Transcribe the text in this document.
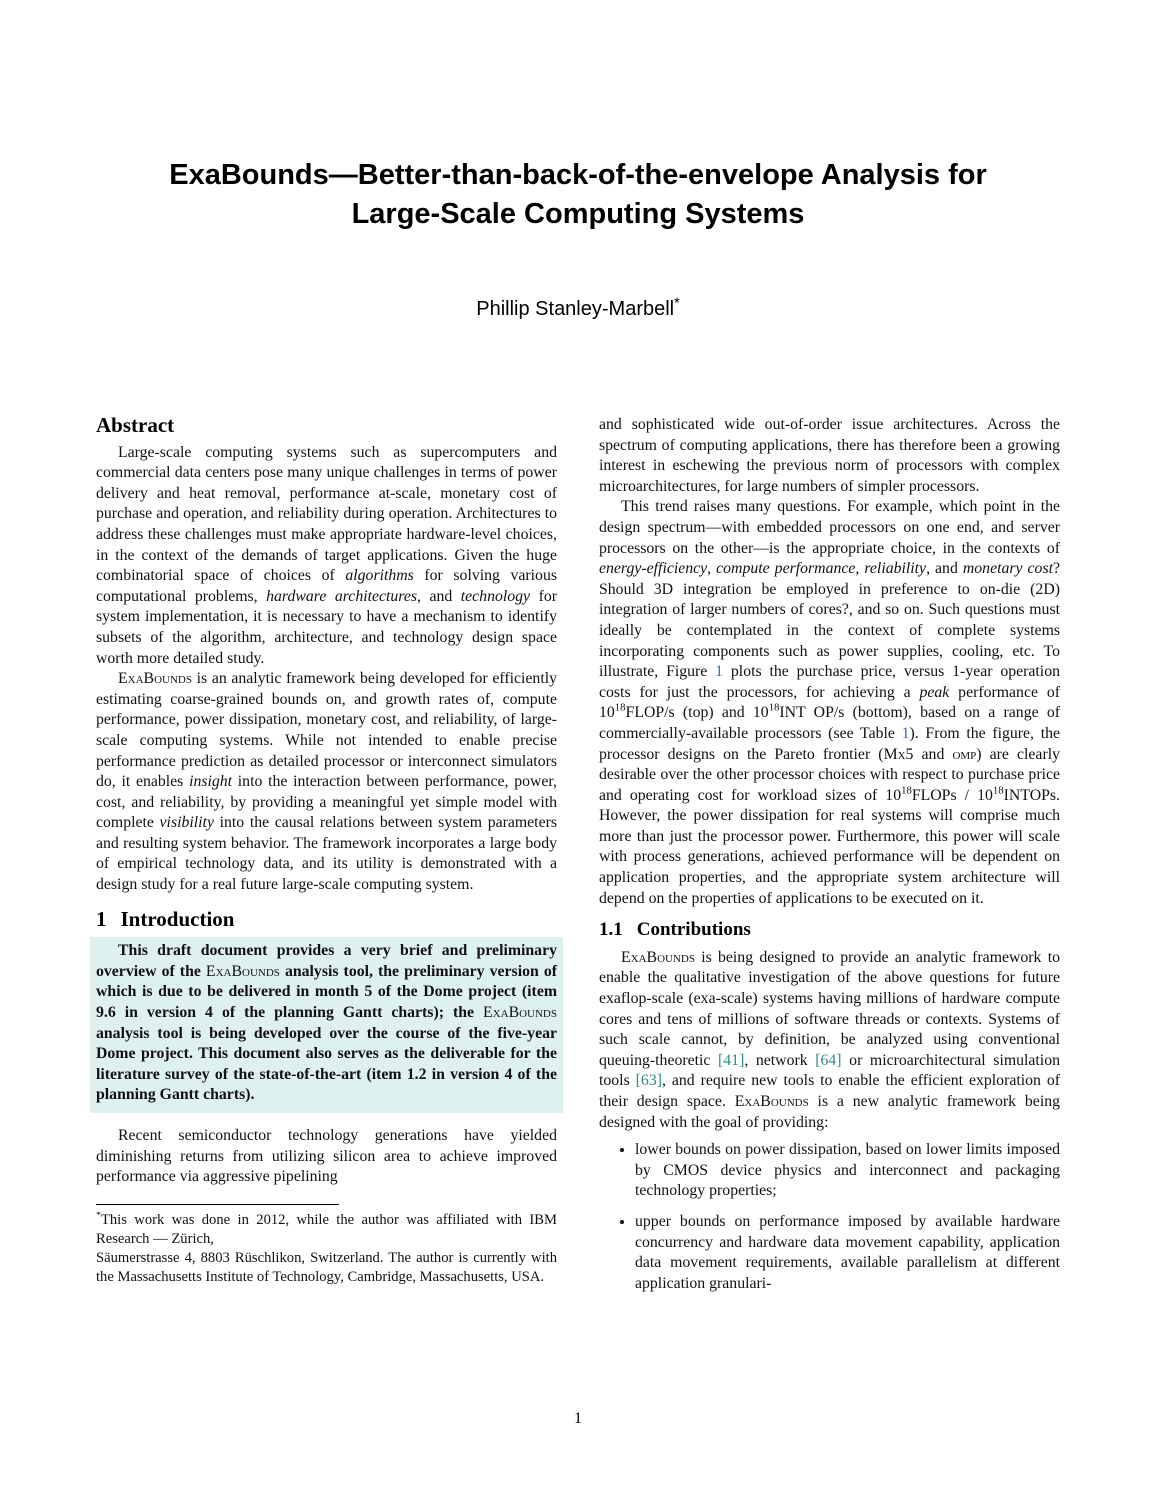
ExaBounds—Better-than-back-of-the-envelope Analysis for
Large-Scale Computing Systems
Phillip Stanley-Marbell*
Abstract

Large-scale computing systems such as supercomputers and commercial data centers pose many unique challenges in terms of power delivery and heat removal, performance at-scale, monetary cost of purchase and operation, and reliability during operation. Architectures to address these challenges must make appropriate hardware-level choices, in the context of the demands of target applications. Given the huge combinatorial space of choices of algorithms for solving various computational problems, hardware architectures, and technology for system implementation, it is necessary to have a mechanism to identify subsets of the algorithm, architecture, and technology design space worth more detailed study.

ExaBounds is an analytic framework being developed for efficiently estimating coarse-grained bounds on, and growth rates of, compute performance, power dissipation, monetary cost, and reliability, of large-scale computing systems. While not intended to enable precise performance prediction as detailed processor or interconnect simulators do, it enables insight into the interaction between performance, power, cost, and reliability, by providing a meaningful yet simple model with complete visibility into the causal relations between system parameters and resulting system behavior. The framework incorporates a large body of empirical technology data, and its utility is demonstrated with a design study for a real future large-scale computing system.

1 Introduction

This draft document provides a very brief and preliminary overview of the ExaBounds analysis tool, the preliminary version of which is due to be delivered in month 5 of the Dome project (item 9.6 in version 4 of the planning Gantt charts); the ExaBounds analysis tool is being developed over the course of the five-year Dome project. This document also serves as the deliverable for the literature survey of the state-of-the-art (item 1.2 in version 4 of the planning Gantt charts).

Recent semiconductor technology generations have yielded diminishing returns from utilizing silicon area to achieve improved performance via aggressive pipelining

*This work was done in 2012, while the author was affiliated with IBM Research — Zürich,
Säumerstrasse 4, 8803 Rüschlikon, Switzerland. The author is currently with the Massachusetts Institute of Technology, Cambridge, Massachusetts, USA.

and sophisticated wide out-of-order issue architectures. Across the spectrum of computing applications, there has therefore been a growing interest in eschewing the previous norm of processors with complex microarchitectures, for large numbers of simpler processors.

This trend raises many questions. For example, which point in the design spectrum—with embedded processors on one end, and server processors on the other—is the appropriate choice, in the contexts of energy-efficiency, compute performance, reliability, and monetary cost? Should 3D integration be employed in preference to on-die (2D) integration of larger numbers of cores?, and so on. Such questions must ideally be contemplated in the context of complete systems incorporating components such as power supplies, cooling, etc. To illustrate, Figure 1 plots the purchase price, versus 1-year operation costs for just the processors, for achieving a peak performance of $10^{18}FLOP/s$ (top) and $10^{18}INT$ OP/s (bottom), based on a range of commercially-available processors (see Table 1). From the figure, the processor designs on the Pareto frontier (Mx5 and omp) are clearly desirable over the other processor choices with respect to purchase price and operating cost for workload sizes of $10^{18}FLOPs$ / $10^{18}INTOPs$. However, the power dissipation for real systems will comprise much more than just the processor power. Furthermore, this power will scale with process generations, achieved performance will be dependent on application properties, and the appropriate system architecture will depend on the properties of applications to be executed on it.

1.1 Contributions

ExaBounds is being designed to provide an analytic framework to enable the qualitative investigation of the above questions for future exaflop-scale (exa-scale) systems having millions of hardware compute cores and tens of millions of software threads or contexts. Systems of such scale cannot, by definition, be analyzed using conventional queuing-theoretic [41], network [64] or microarchitectural simulation tools [63], and require new tools to enable the efficient exploration of their design space. ExaBounds is a new analytic framework being designed with the goal of providing:

• lower bounds on power dissipation, based on lower limits imposed by CMOS device physics and interconnect and packaging technology properties;
• upper bounds on performance imposed by available hardware concurrency and hardware data movement capability, application data movement requirements, available parallelism at different application granulari-
1
